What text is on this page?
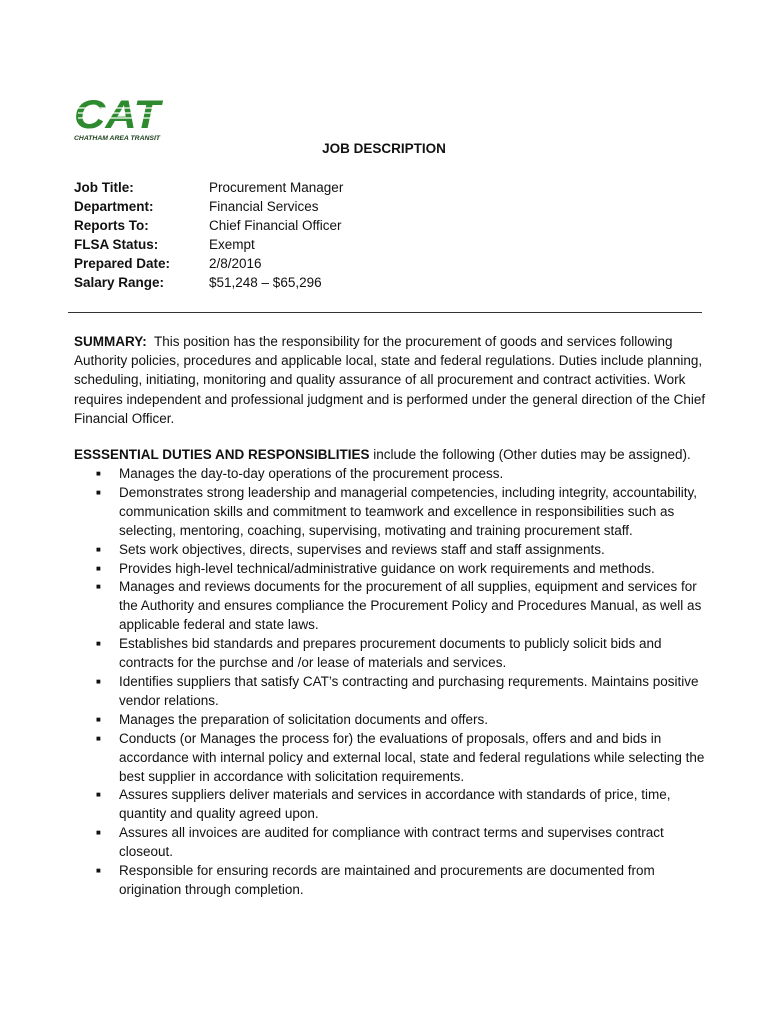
CAT
CHATHAM AREA TRANSIT
JOB DESCRIPTION
Job Title:	Procurement Manager
Department:	Financial Services
Reports To:	Chief Financial Officer
FLSA Status:	Exempt
Prepared Date:	2/8/2016
Salary Range:	$51,248 – $65,296
SUMMARY: This position has the responsibility for the procurement of goods and services following Authority policies, procedures and applicable local, state and federal regulations. Duties include planning, scheduling, initiating, monitoring and quality assurance of all procurement and contract activities. Work requires independent and professional judgment and is performed under the general direction of the Chief Financial Officer.
ESSSENTIAL DUTIES AND RESPONSIBLITIES include the following (Other duties may be assigned).
■ Manages the day-to-day operations of the procurement process.
■ Demonstrates strong leadership and managerial competencies, including integrity, accountability, communication skills and commitment to teamwork and excellence in responsibilities such as selecting, mentoring, coaching, supervising, motivating and training procurement staff.
■ Sets work objectives, directs, supervises and reviews staff and staff assignments.
■ Provides high-level technical/administrative guidance on work requirements and methods.
■ Manages and reviews documents for the procurement of all supplies, equipment and services for the Authority and ensures compliance the Procurement Policy and Procedures Manual, as well as applicable federal and state laws.
■ Establishes bid standards and prepares procurement documents to publicly solicit bids and contracts for the purchse and /or lease of materials and services.
■ Identifies suppliers that satisfy CAT’s contracting and purchasing requrements. Maintains positive vendor relations.
■ Manages the preparation of solicitation documents and offers.
■ Conducts (or Manages the process for) the evaluations of proposals, offers and and bids in accordance with internal policy and external local, state and federal regulations while selecting the best supplier in accordance with solicitation requirements.
■ Assures suppliers deliver materials and services in accordance with standards of price, time, quantity and quality agreed upon.
■ Assures all invoices are audited for compliance with contract terms and supervises contract closeout.
■ Responsible for ensuring records are maintained and procurements are documented from origination through completion.
